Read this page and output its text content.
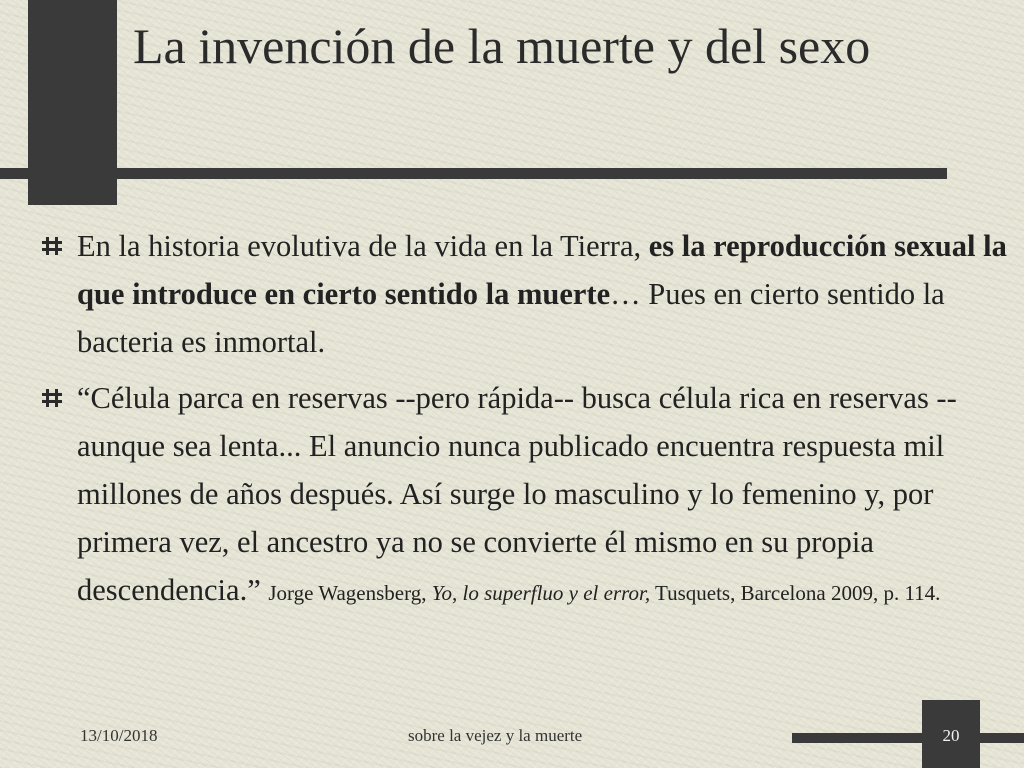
La invención de la muerte y del sexo
En la historia evolutiva de la vida en la Tierra, es la reproducción sexual la que introduce en cierto sentido la muerte… Pues en cierto sentido la bacteria es inmortal.
“Célula parca en reservas --pero rápida-- busca célula rica en reservas --aunque sea lenta... El anuncio nunca publicado encuentra respuesta mil millones de años después. Así surge lo masculino y lo femenino y, por primera vez, el ancestro ya no se convierte él mismo en su propia descendencia.” Jorge Wagensberg, Yo, lo superfluo y el error, Tusquets, Barcelona 2009, p. 114.
13/10/2018	sobre la vejez y la muerte	20
